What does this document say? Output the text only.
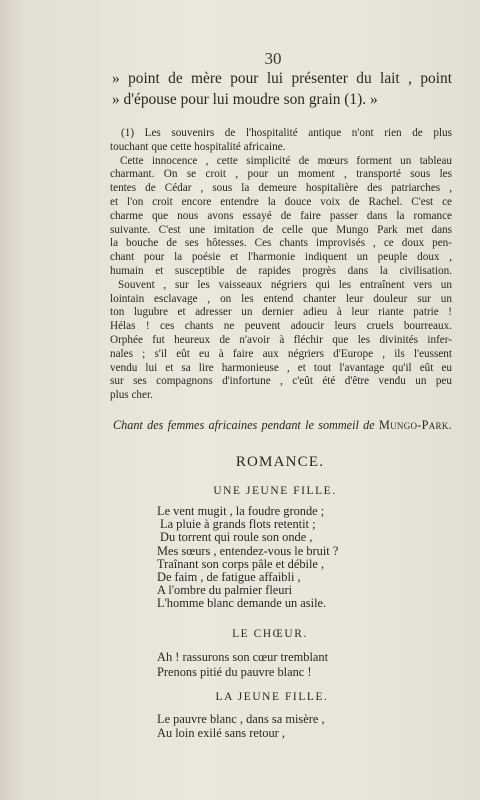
30
» point de mère pour lui présenter du lait , point
» d'épouse pour lui moudre son grain (1). »
(1) Les souvenirs de l'hospitalité antique n'ont rien de plus
touchant que cette hospitalité africaine.
Cette innocence , cette simplicité de mœurs forment un tableau
charmant. On se croit , pour un moment , transporté sous les
tentes de Cédar , sous la demeure hospitalière des patriarches ,
et l'on croit encore entendre la douce voix de Rachel. C'est ce
charme que nous avons essayé de faire passer dans la romance
suivante. C'est une imitation de celle que Mungo Park met dans
la bouche de ses hôtesses. Ces chants improvisés , ce doux pen-
chant pour la poésie et l'harmonie indiquent un peuple doux ,
humain et susceptible de rapides progrès dans la civilisation.
Souvent , sur les vaisseaux négriers qui les entraînent vers un
lointain esclavage , on les entend chanter leur douleur sur un
ton lugubre et adresser un dernier adieu à leur riante patrie !
Hélas ! ces chants ne peuvent adoucir leurs cruels bourreaux.
Orphée fut heureux de n'avoir à fléchir que les divinités infer-
nales ; s'il eût eu à faire aux négriers d'Europe , ils l'eussent
vendu lui et sa lire harmonieuse , et tout l'avantage qu'il eût eu
sur ses compagnons d'infortune , c'eût été d'être vendu un peu
plus cher.
Chant des femmes africaines pendant le sommeil de Mungo-Park.
ROMANCE.
UNE JEUNE FILLE.
Le vent mugit , la foudre gronde ;
La pluie à grands flots retentit ;
Du torrent qui roule son onde ,
Mes sœurs , entendez-vous le bruit ?
Traînant son corps pâle et débile ,
De faim , de fatigue affaibli ,
A l'ombre du palmier fleuri
L'homme blanc demande un asile.
LE CHŒUR.
Ah ! rassurons son cœur tremblant
Prenons pitié du pauvre blanc !
LA JEUNE FILLE.
Le pauvre blanc , dans sa misère ,
Au loin exilé sans retour ,
